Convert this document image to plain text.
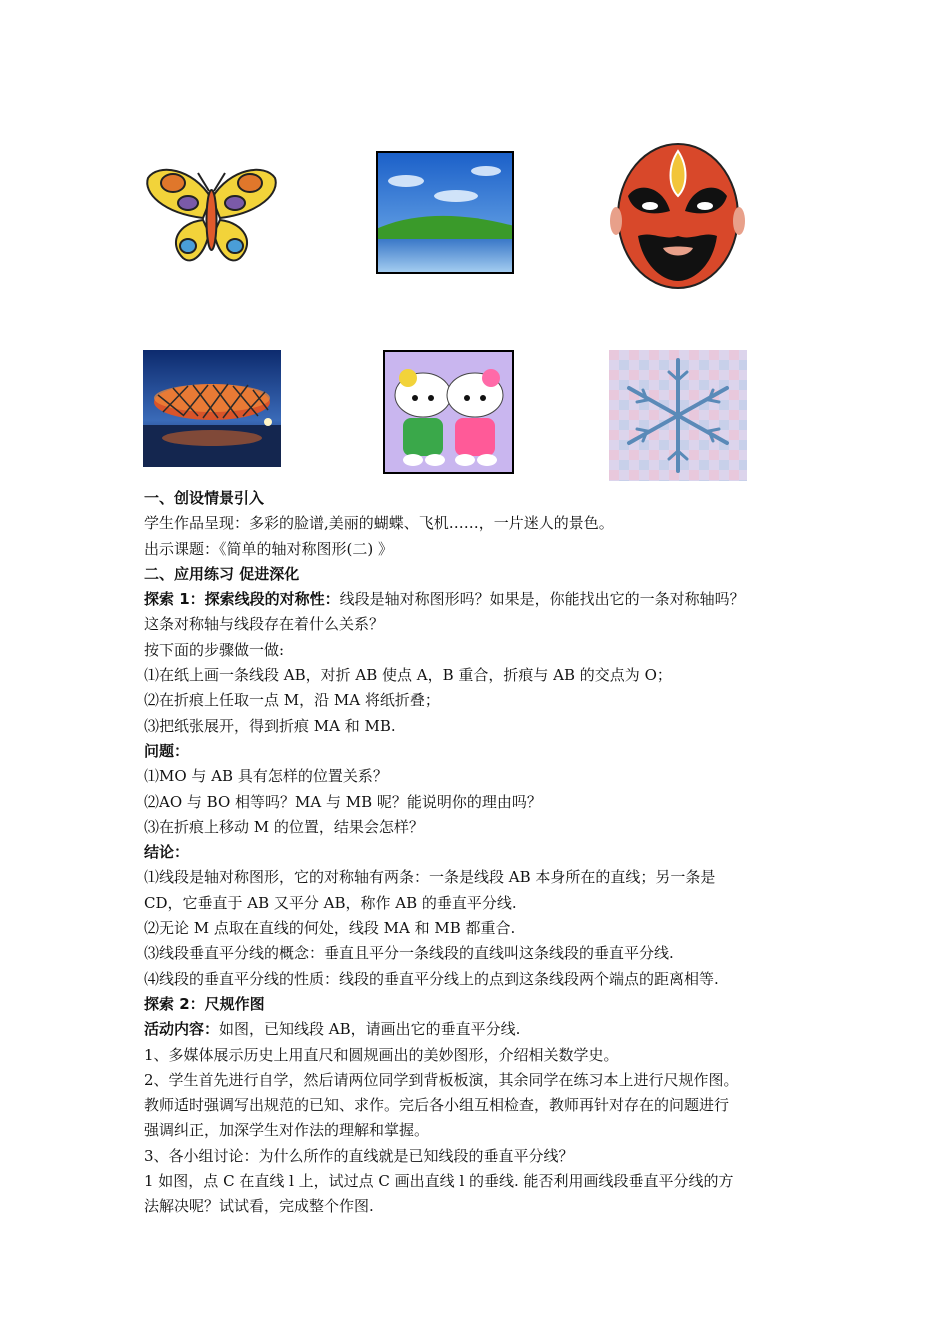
一、创设情景引入
学生作品呈现：多彩的脸谱,美丽的蝴蝶、飞机……，一片迷人的景色。
出示课题：《简单的轴对称图形(二) 》
二、应用练习 促进深化
探索 1：探索线段的对称性：线段是轴对称图形吗？如果是，你能找出它的一条对称轴吗？
这条对称轴与线段存在着什么关系？
按下面的步骤做一做:
⑴在纸上画一条线段 AB，对折 AB 使点 A，B 重合，折痕与 AB 的交点为 O；
⑵在折痕上任取一点 M，沿 MA 将纸折叠；
⑶把纸张展开，得到折痕 MA 和 MB.
问题：
⑴MO 与 AB 具有怎样的位置关系？
⑵AO 与 BO 相等吗？MA 与 MB 呢？能说明你的理由吗？
⑶在折痕上移动 M 的位置，结果会怎样？
结论：
⑴线段是轴对称图形，它的对称轴有两条：一条是线段 AB 本身所在的直线；另一条是
CD，它垂直于 AB 又平分 AB，称作 AB 的垂直平分线.
⑵无论 M 点取在直线的何处，线段 MA 和 MB 都重合.
⑶线段垂直平分线的概念：垂直且平分一条线段的直线叫这条线段的垂直平分线.
⑷线段的垂直平分线的性质：线段的垂直平分线上的点到这条线段两个端点的距离相等.
探索 2：尺规作图
活动内容：如图，已知线段 AB，请画出它的垂直平分线.
1、多媒体展示历史上用直尺和圆规画出的美妙图形，介绍相关数学史。
2、学生首先进行自学，然后请两位同学到背板板演，其余同学在练习本上进行尺规作图。
教师适时强调写出规范的已知、求作。完后各小组互相检查，教师再针对存在的问题进行
强调纠正，加深学生对作法的理解和掌握。
3、各小组讨论：为什么所作的直线就是已知线段的垂直平分线？
1 如图，点 C 在直线 l 上，试过点 C 画出直线 l 的垂线. 能否利用画线段垂直平分线的方
法解决呢？试试看，完成整个作图.
